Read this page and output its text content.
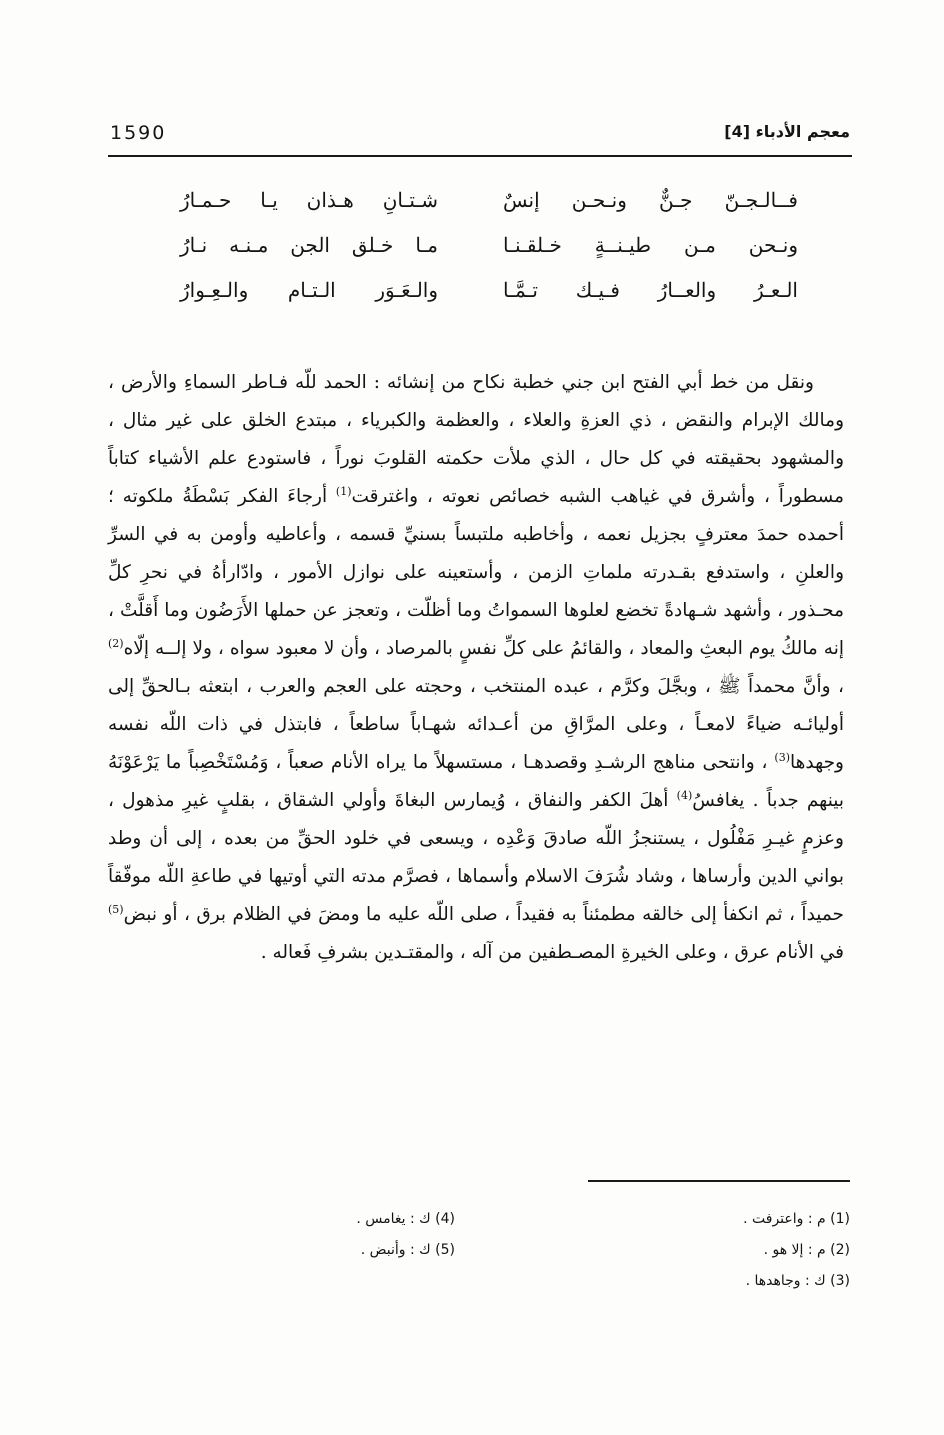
1590	معجم الأدباء [4]
فــالـجـنّ جـنٌّ ونـحـن إنسٌ
شـتـانِ هـذان يـا حـمـارُ
ونـحن مـن طيـنــةٍ خـلقـنـا
مـا خـلق الجن مـنـه نـارُ
الـعـرُ والعــارُ فـيـك تـمَّـا
والـعَـوَر الـتـام والـعِـوارُ

ونقل من خط أبي الفتح ابن جني خطبة نكاح من إنشائه : الحمد للّه فـاطر السماءِ والأرض ، ومالك الإبرام والنقض ، ذي العزةِ والعلاء ، والعظمة والكبرياء ، مبتدع الخلق على غير مثال ، والمشهود بحقيقته في كل حال ، الذي ملأت حكمته القلوبَ نوراً ، فاستودع علم الأشياء كتاباً مسطوراً ، وأشرق في غياهب الشبه خصائص نعوته ، واغترقت$^{(1)}$ أرجاءَ الفكر بَسْطَةُ ملكوته ؛ أحمده حمدَ معترفٍ بجزيل نعمه ، وأخاطبه ملتبساً بسنيِّ قسمه ، وأعاطيه وأومن به في السرِّ والعلنِ ، واستدفع بقـدرته ملماتِ الزمن ، وأستعينه على نوازل الأمور ، وادّارأهُ في نحرِ كلِّ محـذور ، وأشهد شـهادةً تخضع لعلوها السمواتُ وما أظلّت ، وتعجز عن حملها الأَرَضُون وما أَقلَّتْ ، إنه مالكُ يوم البعثِ والمعاد ، والقائمُ على كلِّ نفسٍ بالمرصاد ، وأن لا معبود سواه ، ولا إلــه إلّاه$^{(2)}$ ، وأنَّ محمداً ﷺ ، وبجَّلَ وكرَّم ، عبده المنتخب ، وحجته على العجم والعرب ، ابتعثه بـالحقِّ إلى أوليائـه ضياءً لامعـاً ، وعلى المرَّاقِ من أعـدائه شهـاباً ساطعاً ، فابتذل في ذات اللّه نفسه وجهدها$^{(3)}$ ، وانتحى مناهج الرشـدِ وقصدهـا ، مستسهلاً ما يراه الأنام صعباً ، وَمُسْتَخْصِباً ما يَرْعَوْنَهُ بينهم جدباً . يغافسُ$^{(4)}$ أهلَ الكفر والنفاق ، وُيمارس البغاةَ وأولي الشقاق ، بقلبٍ غيرِ مذهول ، وعزمٍ غيـرِ مَفْلُول ، يستنجزُ اللّه صادقَ وَعْدِه ، ويسعى في خلود الحقِّ من بعده ، إلى أن وطد بواني الدين وأرساها ، وشاد شُرَفَ الاسلام وأسماها ، فصرَّم مدته التي أوتيها في طاعةِ اللّه موفّقاً حميداً ، ثم انكفأ إلى خالقه مطمئناً به فقيداً ، صلى اللّه عليه ما ومضَ في الظلام برق ، أو نبض$^{(5)}$ في الأنام عرق ، وعلى الخيرةِ المصـطفين من آله ، والمقتـدين بشرفِ فَعاله .

(1) م : واعترفت .
(2) م : إلا هو .
(3) ك : وجاهدها .
(4) ك : يغامس .
(5) ك : وأنبض .
